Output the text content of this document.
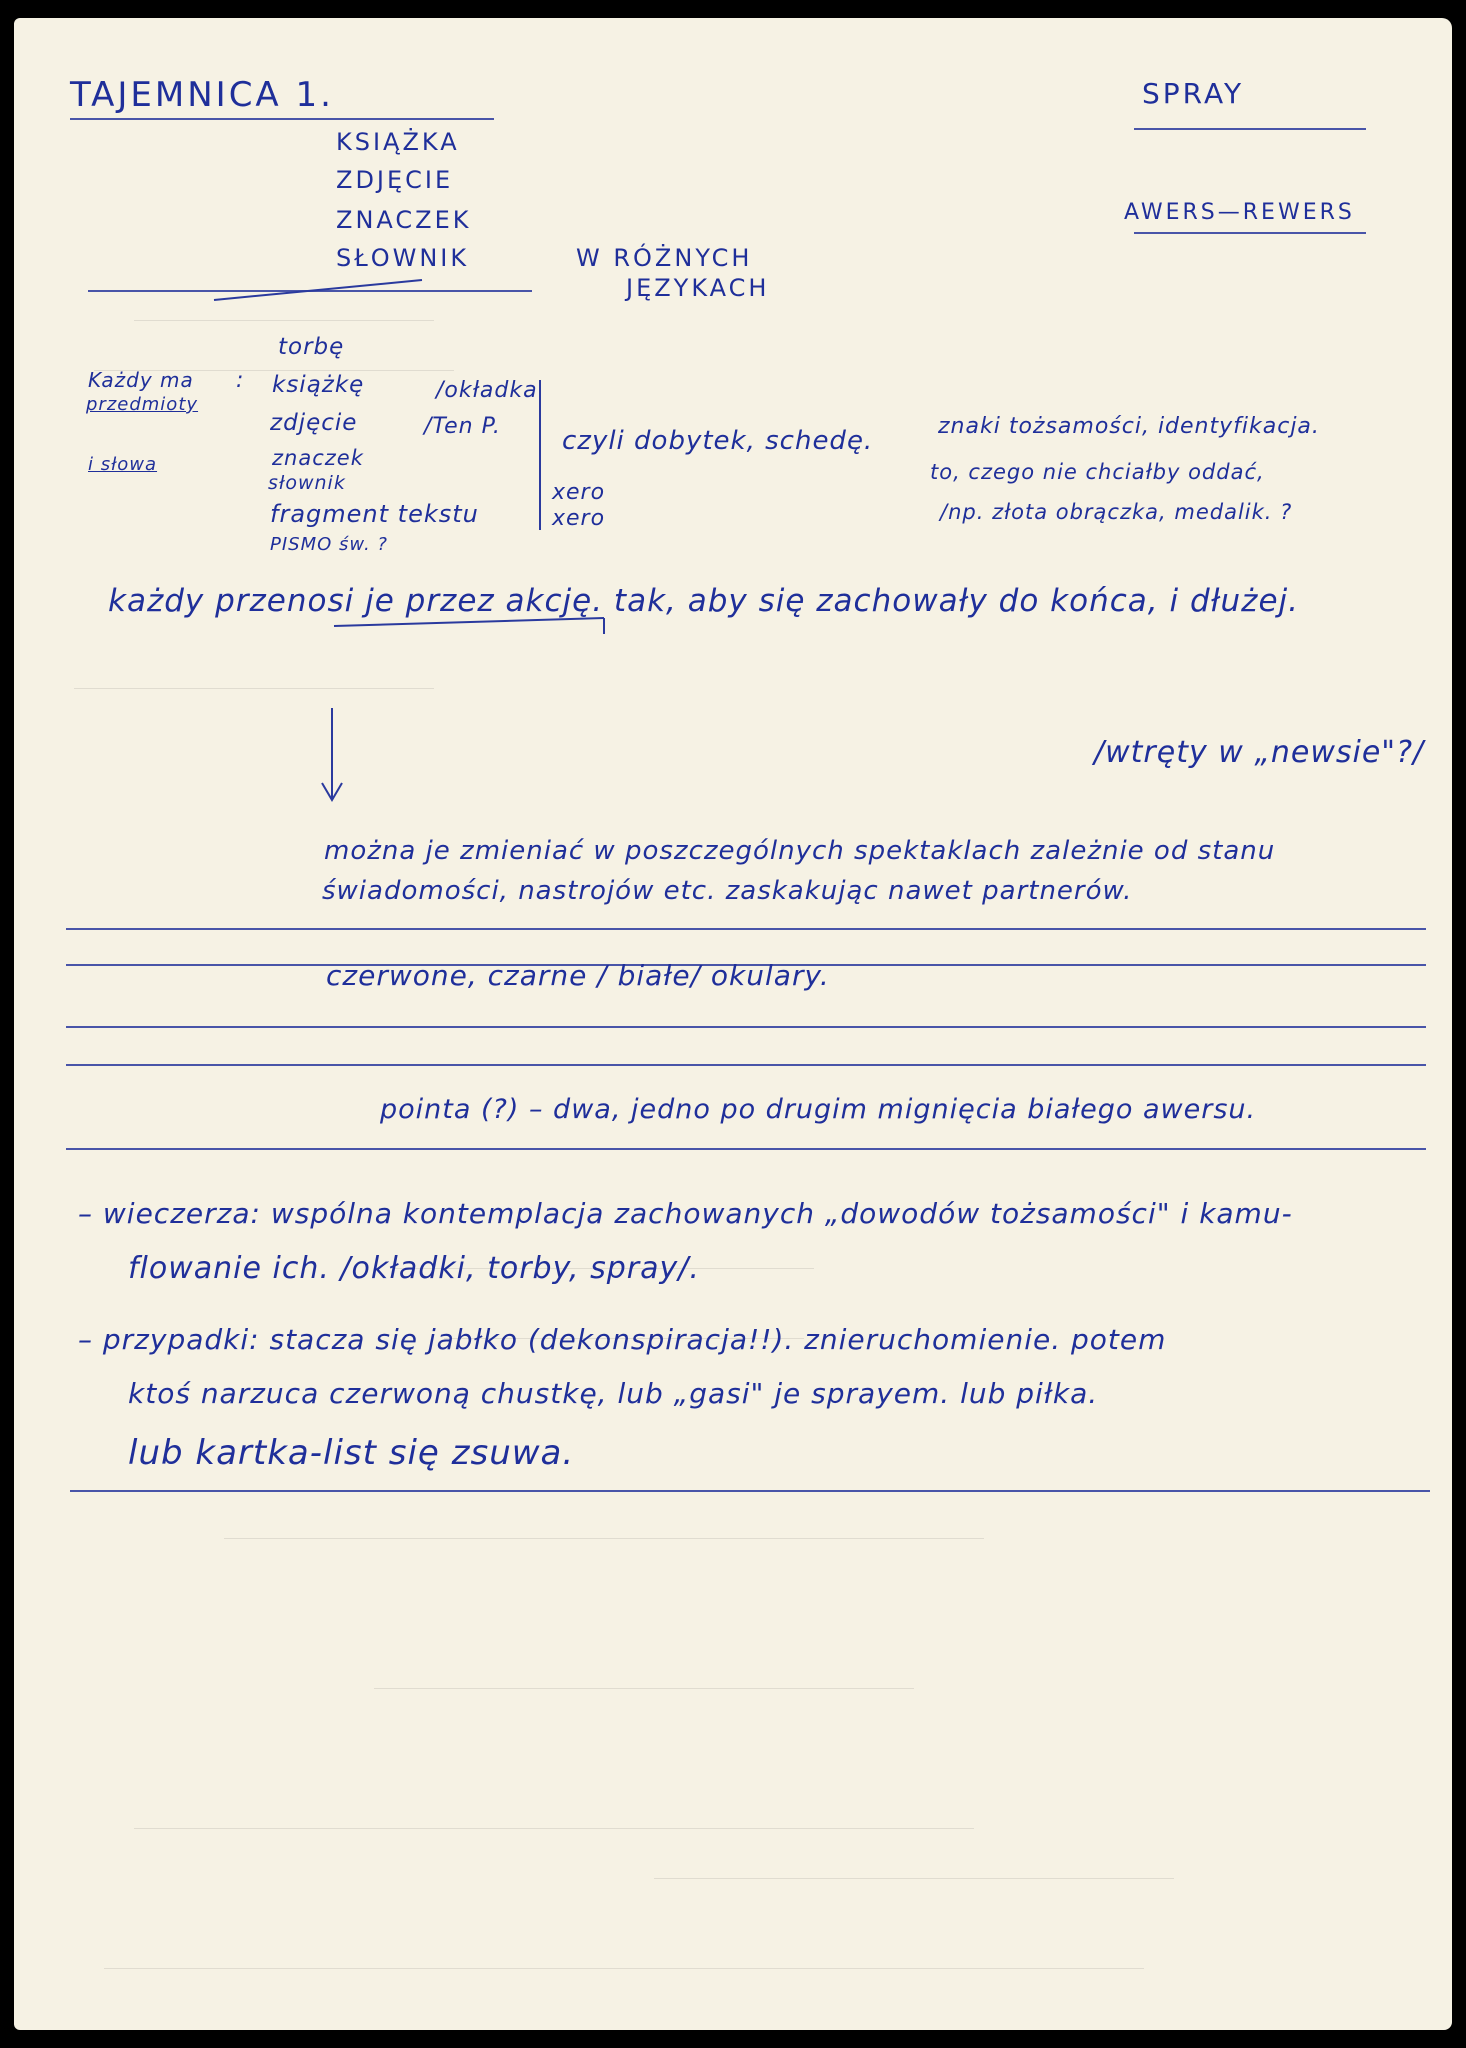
TAJEMNICA 1.	SPRAY
AWERS—REWERS
KSIĄŻKA
ZDJĘCIE
ZNACZEK
SŁOWNIK	W RÓŻNYCH
JĘZYKACH
Każdy ma :
przedmioty
i słowa
torbę
książkę
zdjęcie
znaczek
słownik
fragment tekstu
PISMO św. ?
/okładka
/Ten P.
xero
xero
czyli dobytek, schedę.	znaki tożsamości, identyfikacja.
to, czego nie chciałby oddać,
/np. złota obrączka, medalik. ?
każdy przenosi je przez akcję. tak, aby się zachowały do końca, i dłużej.
/wtręty w „newsie"?/
można je zmieniać w poszczególnych spektaklach zależnie od stanu
świadomości, nastrojów etc. zaskakując nawet partnerów.
czerwone, czarne / białe/ okulary.
pointa (?) – dwa, jedno po drugim mignięcia białego awersu.
– wieczerza: wspólna kontemplacja zachowanych „dowodów tożsamości" i kamu-
flowanie ich. /okładki, torby, spray/.
– przypadki: stacza się jabłko (dekonspiracja!!). znieruchomienie. potem
ktoś narzuca czerwoną chustkę, lub „gasi" je sprayem. lub piłka.
lub kartka-list się zsuwa.
